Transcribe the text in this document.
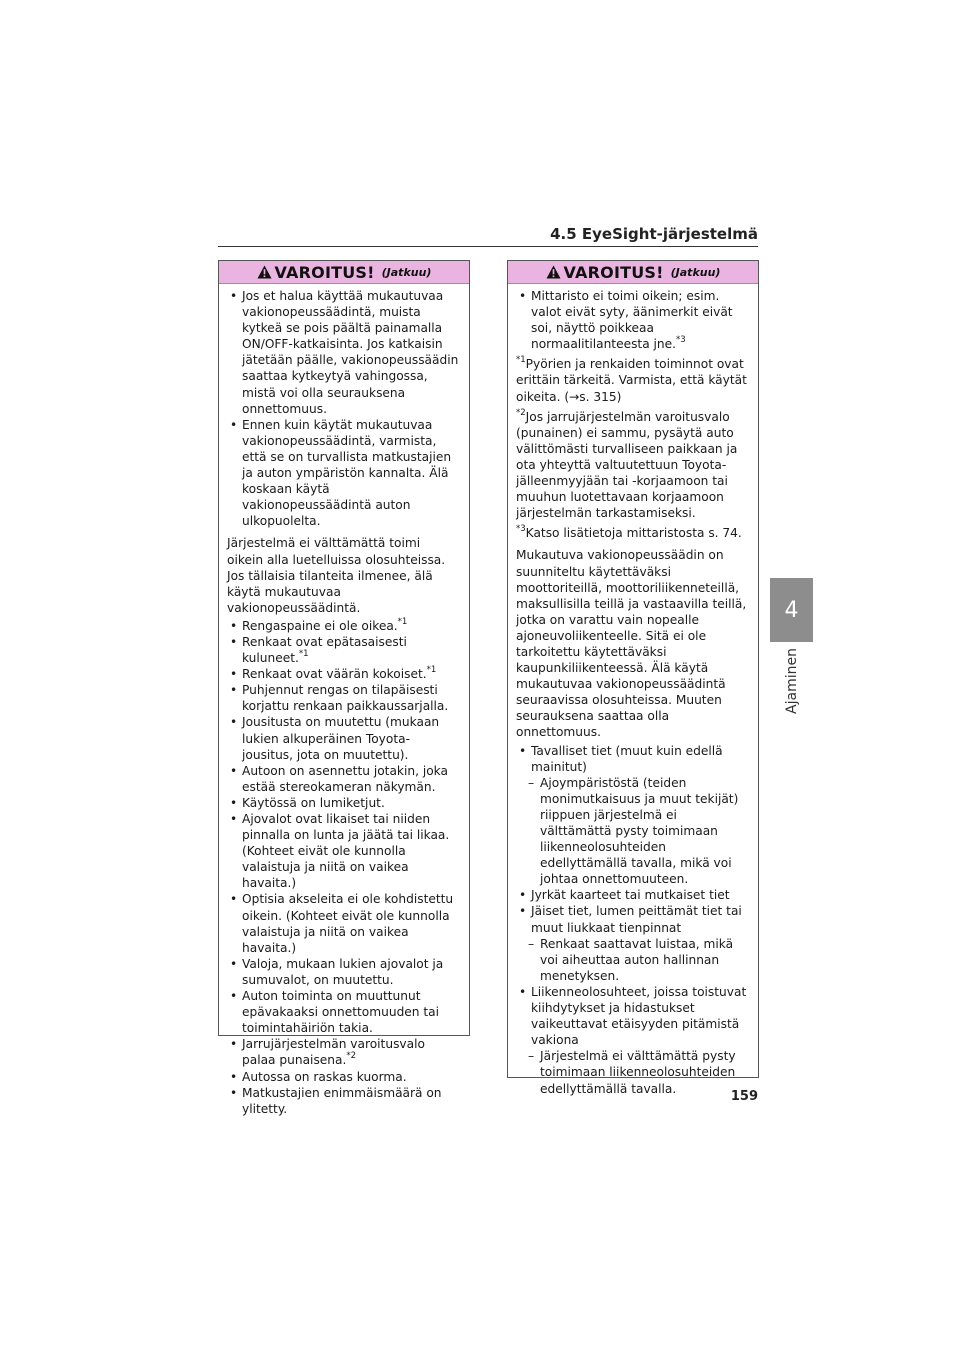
4.5 EyeSight-järjestelmä
4
Ajaminen
VAROITUS! (Jatkuu)
• Jos et halua käyttää mukautuvaa vakionopeussäädintä, muista kytkeä se pois päältä painamalla ON/OFF-katkaisinta. Jos katkaisin jätetään päälle, vakionopeussäädin saattaa kytkeytyä vahingossa, mistä voi olla seurauksena onnettomuus.
• Ennen kuin käytät mukautuvaa vakionopeussäädintä, varmista, että se on turvallista matkustajien ja auton ympäristön kannalta. Älä koskaan käytä vakionopeussäädintä auton ulkopuolelta.

Järjestelmä ei välttämättä toimi oikein alla luetelluissa olosuhteissa. Jos tällaisia tilanteita ilmenee, älä käytä mukautuvaa vakionopeussäädintä.

• Rengaspaine ei ole oikea.$^{*1}$
• Renkaat ovat epätasaisesti kuluneet.$^{*1}$
• Renkaat ovat väärän kokoiset.$^{*1}$
• Puhjennut rengas on tilapäisesti korjattu renkaan paikkaussarjalla.
• Jousitusta on muutettu (mukaan lukien alkuperäinen Toyota-jousitus, jota on muutettu).
• Autoon on asennettu jotakin, joka estää stereokameran näkymän.
• Käytössä on lumiketjut.
• Ajovalot ovat likaiset tai niiden pinnalla on lunta ja jäätä tai likaa. (Kohteet eivät ole kunnolla valaistuja ja niitä on vaikea havaita.)
• Optisia akseleita ei ole kohdistettu oikein. (Kohteet eivät ole kunnolla valaistuja ja niitä on vaikea havaita.)
• Valoja, mukaan lukien ajovalot ja sumuvalot, on muutettu.
• Auton toiminta on muuttunut epävakaaksi onnettomuuden tai toimintahäiriön takia.
• Jarrujärjestelmän varoitusvalo palaa punaisena.$^{*2}$
• Autossa on raskas kuorma.
• Matkustajien enimmäismäärä on ylitetty.
VAROITUS! (Jatkuu)
• Mittaristo ei toimi oikein; esim. valot eivät syty, äänimerkit eivät soi, näyttö poikkeaa normaalitilanteesta jne.$^{*3}$
$^{*1}$Pyörien ja renkaiden toiminnot ovat erittäin tärkeitä. Varmista, että käytät oikeita. (→s. 315)
$^{*2}$Jos jarrujärjestelmän varoitusvalo (punainen) ei sammu, pysäytä auto välittömästi turvalliseen paikkaan ja ota yhteyttä valtuutettuun Toyota-jälleenmyyjään tai -korjaamoon tai muuhun luotettavaan korjaamoon järjestelmän tarkastamiseksi.
$^{*3}$Katso lisätietoja mittaristosta s. 74.

Mukautuva vakionopeussäädin on suunniteltu käytettäväksi moottoriteillä, moottoriliikenneteillä, maksullisilla teillä ja vastaavilla teillä, jotka on varattu vain nopealle ajoneuvoliikenteelle. Sitä ei ole tarkoitettu käytettäväksi kaupunkiliikenteessä. Älä käytä mukautuvaa vakionopeussäädintä seuraavissa olosuhteissa. Muuten seurauksena saattaa olla onnettomuus.

• Tavalliset tiet (muut kuin edellä mainitut)
– Ajoympäristöstä (teiden monimutkaisuus ja muut tekijät) riippuen järjestelmä ei välttämättä pysty toimimaan liikenneolosuhteiden edellyttämällä tavalla, mikä voi johtaa onnettomuuteen.
• Jyrkät kaarteet tai mutkaiset tiet
• Jäiset tiet, lumen peittämät tiet tai muut liukkaat tienpinnat
– Renkaat saattavat luistaa, mikä voi aiheuttaa auton hallinnan menetyksen.
• Liikenneolosuhteet, joissa toistuvat kiihdytykset ja hidastukset vaikeuttavat etäisyyden pitämistä vakiona
– Järjestelmä ei välttämättä pysty toimimaan liikenneolosuhteiden edellyttämällä tavalla.
159
